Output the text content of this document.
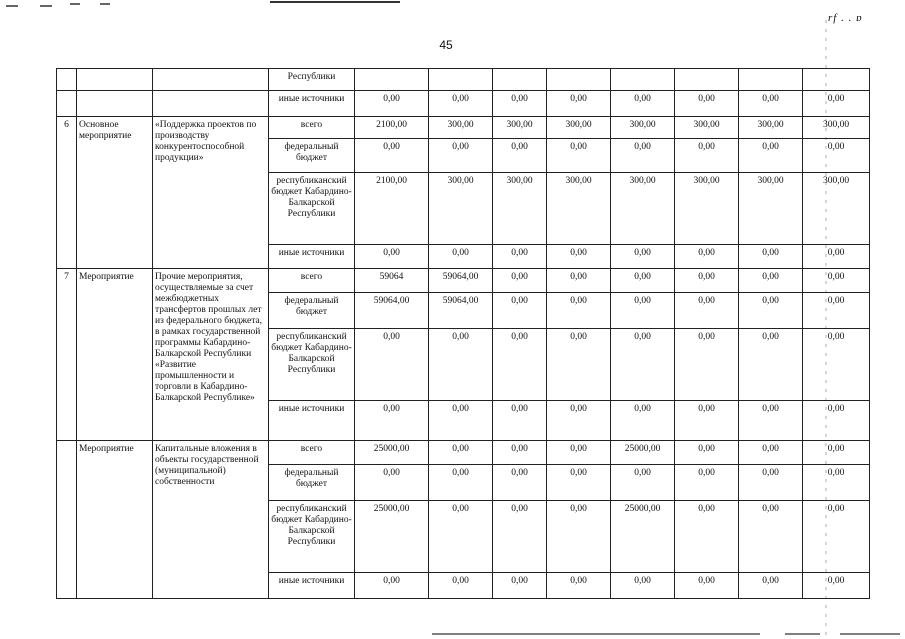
45
rf . . ɒ
			Республики								
			иные источники	0,00	0,00	0,00	0,00	0,00	0,00	0,00	0,00
6	Основное мероприятие	«Поддержка проектов по производству конкурентоспособной продукции»	всего	2100,00	300,00	300,00	300,00	300,00	300,00	300,00	300,00
			федеральный бюджет	0,00	0,00	0,00	0,00	0,00	0,00	0,00	0,00
			республиканский бюджет Кабардино-Балкарской Республики	2100,00	300,00	300,00	300,00	300,00	300,00	300,00	300,00
			иные источники	0,00	0,00	0,00	0,00	0,00	0,00	0,00	0,00
7	Мероприятие	Прочие мероприятия, осуществляемые за счет межбюджетных трансфертов прошлых лет из федерального бюджета, в рамках государственной программы Кабардино-Балкарской Республики «Развитие промышленности и торговли в Кабардино-Балкарской Республике»	всего	59064	59064,00	0,00	0,00	0,00	0,00	0,00	0,00
			федеральный бюджет	59064,00	59064,00	0,00	0,00	0,00	0,00	0,00	0,00
			республиканский бюджет Кабардино-Балкарской Республики	0,00	0,00	0,00	0,00	0,00	0,00	0,00	0,00
			иные источники	0,00	0,00	0,00	0,00	0,00	0,00	0,00	0,00
	Мероприятие	Капитальные вложения в объекты государственной (муниципальной) собственности	всего	25000,00	0,00	0,00	0,00	25000,00	0,00	0,00	0,00
			федеральный бюджет	0,00	0,00	0,00	0,00	0,00	0,00	0,00	0,00
			республиканский бюджет Кабардино-Балкарской Республики	25000,00	0,00	0,00	0,00	25000,00	0,00	0,00	0,00
			иные источники	0,00	0,00	0,00	0,00	0,00	0,00	0,00	0,00
